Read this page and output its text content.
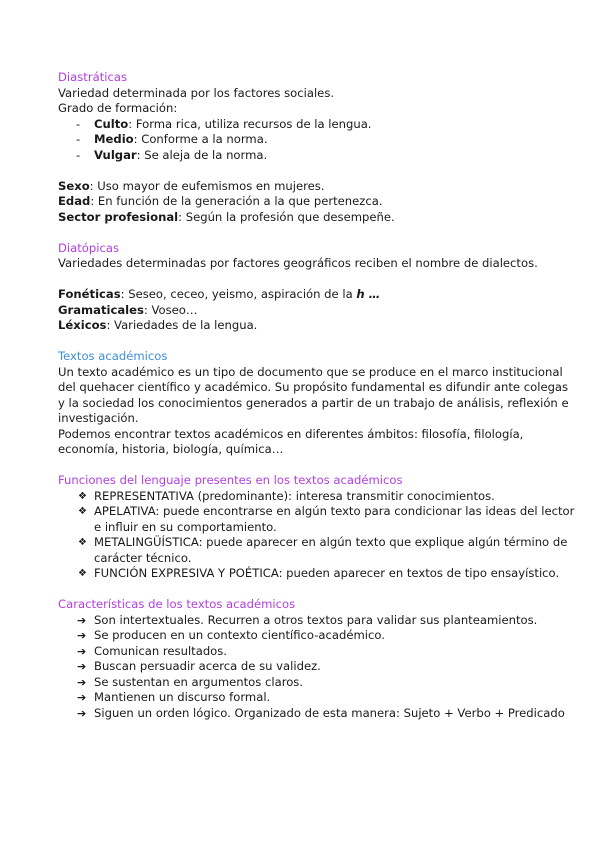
Diastráticas

Variedad determinada por los factores sociales.

Grado de formación:

- Culto: Forma rica, utiliza recursos de la lengua.
- Medio: Conforme a la norma.
- Vulgar: Se aleja de la norma.

Sexo: Uso mayor de eufemismos en mujeres.

Edad: En función de la generación a la que pertenezca.

Sector profesional: Según la profesión que desempeñe.

Diatópicas

Variedades determinadas por factores geográficos reciben el nombre de dialectos.

Fonéticas: Seseo, ceceo, yeismo, aspiración de la h …

Gramaticales: Voseo…

Léxicos: Variedades de la lengua.

Textos académicos

Un texto académico es un tipo de documento que se produce en el marco institucional del quehacer científico y académico. Su propósito fundamental es difundir ante colegas y la sociedad los conocimientos generados a partir de un trabajo de análisis, reflexión e investigación.

Podemos encontrar textos académicos en diferentes ámbitos: filosofía, filología, economía, historia, biología, química…

Funciones del lenguaje presentes en los textos académicos

❖ REPRESENTATIVA (predominante): interesa transmitir conocimientos.
❖ APELATIVA: puede encontrarse en algún texto para condicionar las ideas del lector e influir en su comportamiento.
❖ METALINGÜÍSTICA: puede aparecer en algún texto que explique algún término de carácter técnico.
❖ FUNCIÓN EXPRESIVA Y POÉTICA: pueden aparecer en textos de tipo ensayístico.

Características de los textos académicos

➔ Son intertextuales. Recurren a otros textos para validar sus planteamientos.
➔ Se producen en un contexto científico-académico.
➔ Comunican resultados.
➔ Buscan persuadir acerca de su validez.
➔ Se sustentan en argumentos claros.
➔ Mantienen un discurso formal.
➔ Siguen un orden lógico. Organizado de esta manera: Sujeto + Verbo + Predicado
